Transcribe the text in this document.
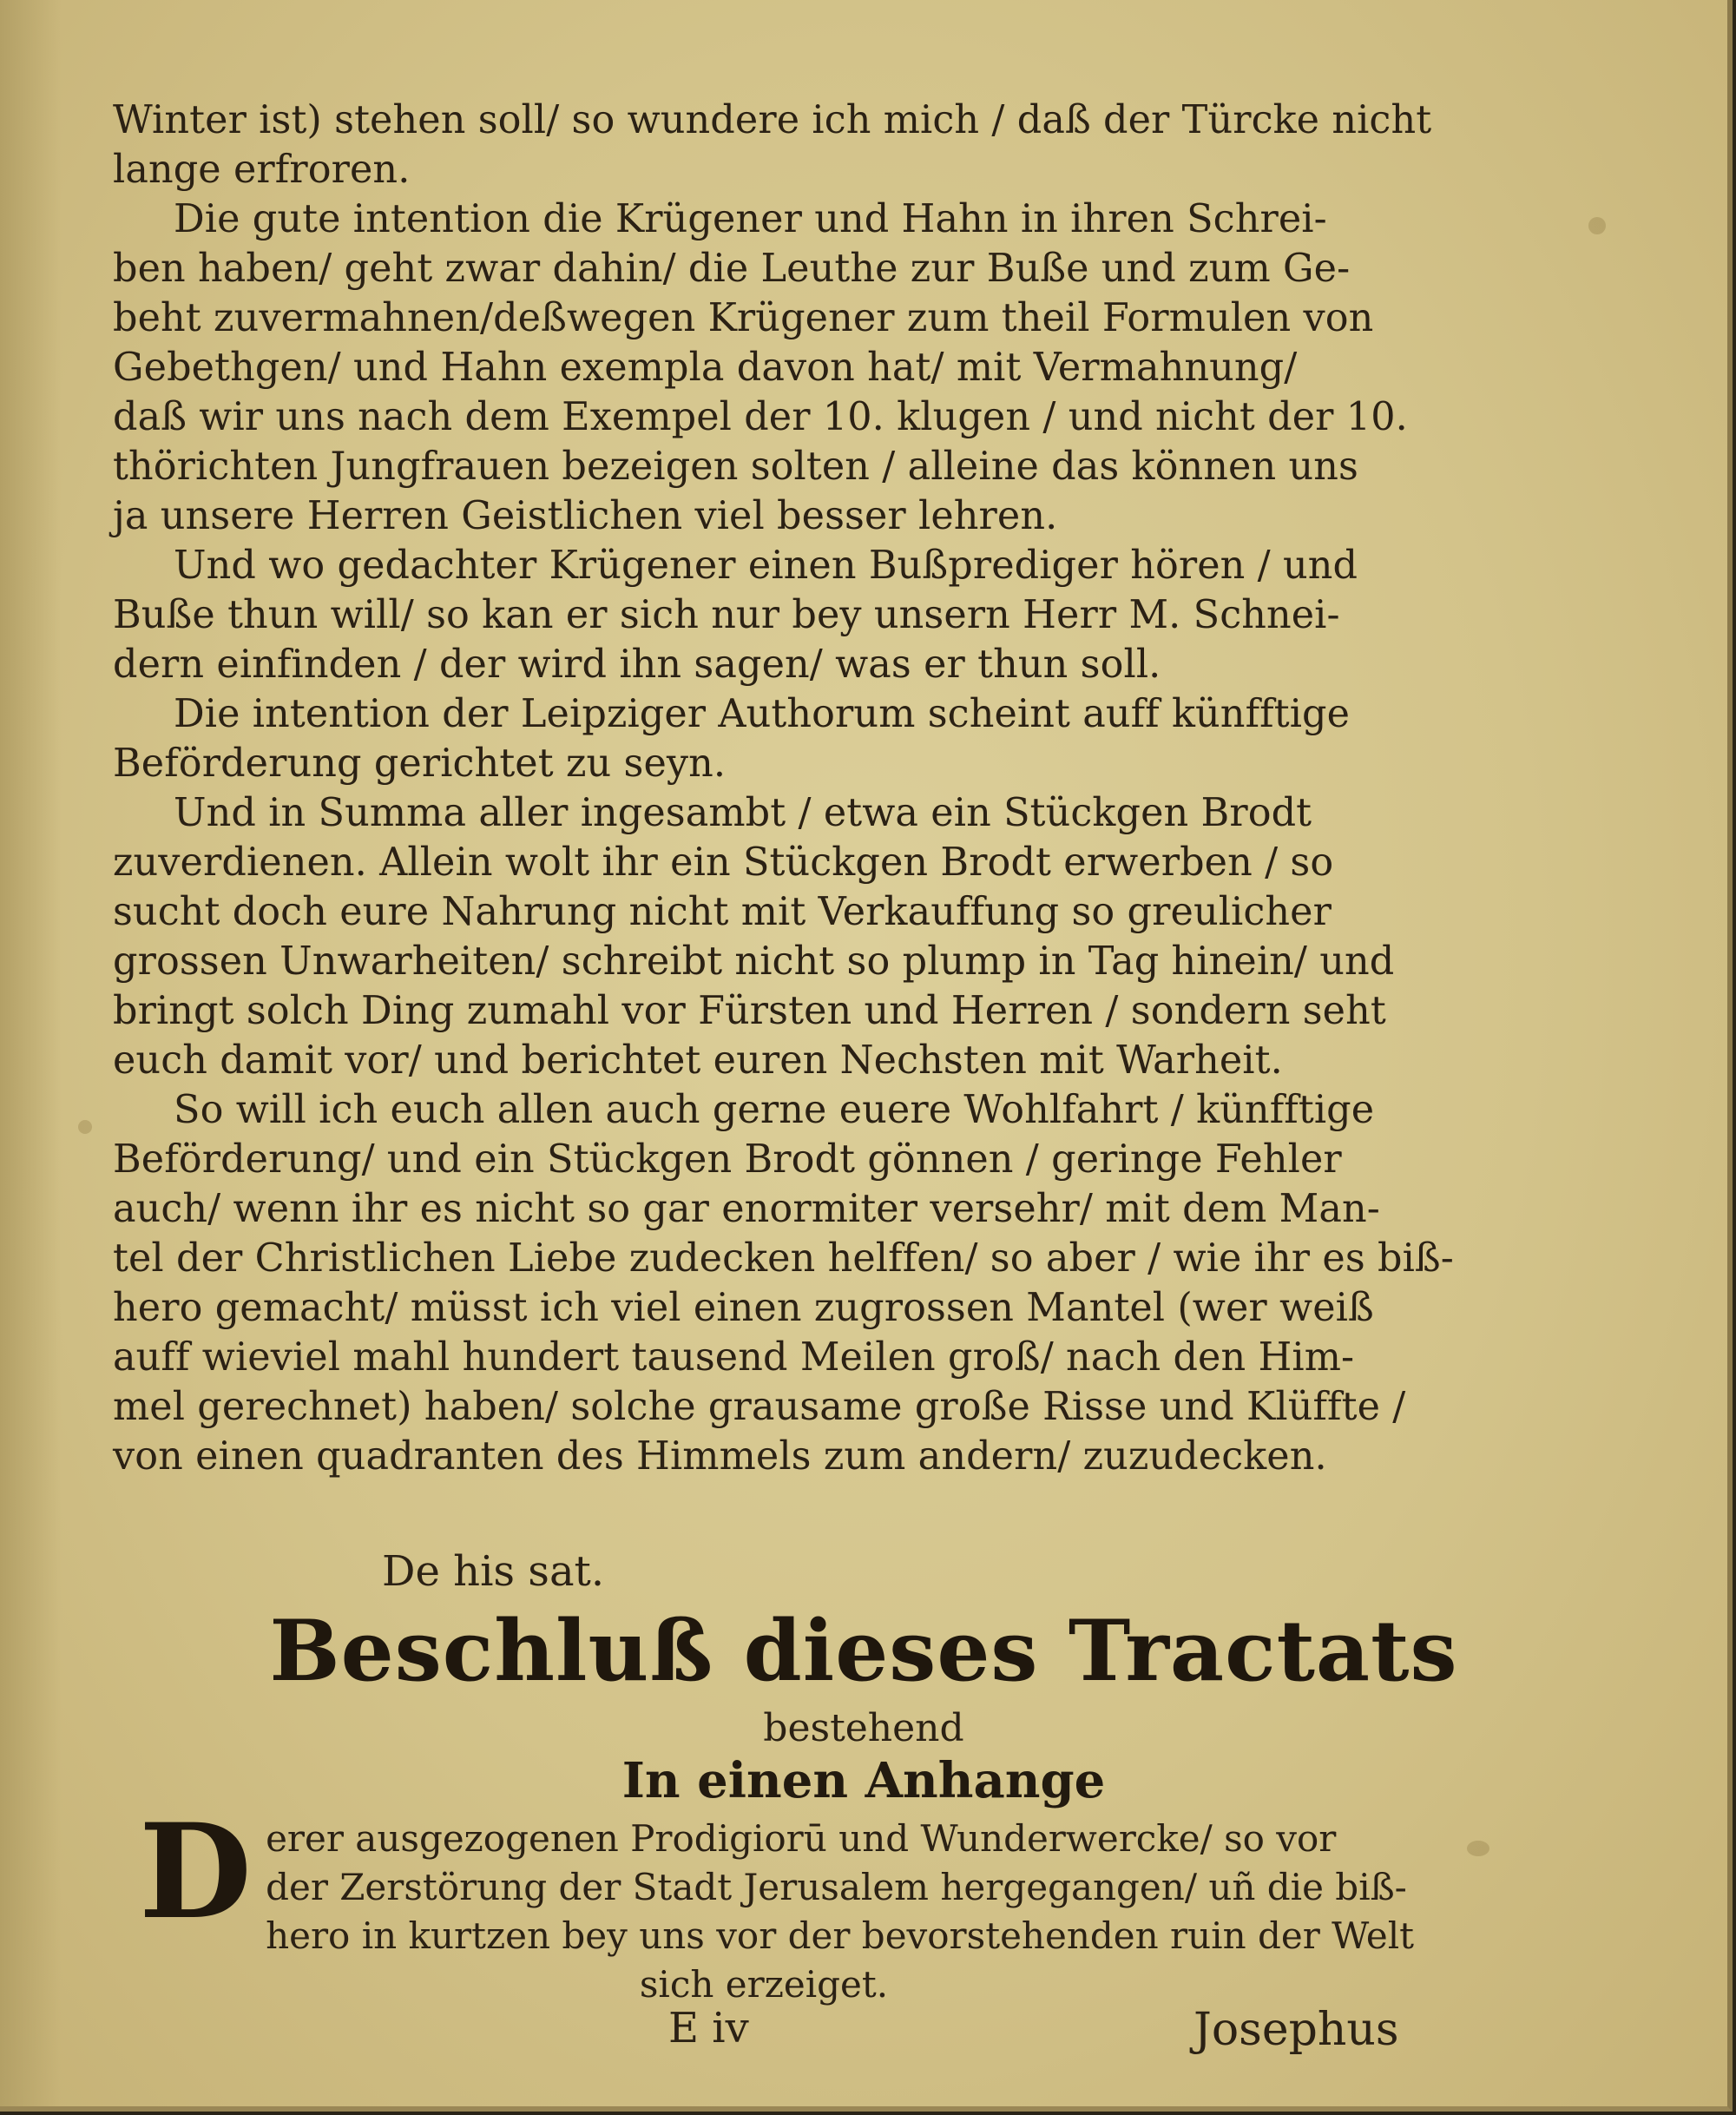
Winter ist) stehen soll/ so wundere ich mich / daß der Türcke nicht
lange erfroren.
Die gute intention die Krügener und Hahn in ihren Schrei-
ben haben/ geht zwar dahin/ die Leuthe zur Buße und zum Ge-
beht zuvermahnen/deßwegen Krügener zum theil Formulen von
Gebethgen/ und Hahn exempla davon hat/ mit Vermahnung/
daß wir uns nach dem Exempel der 10. klugen / und nicht der 10.
thörichten Jungfrauen bezeigen solten / alleine das können uns
ja unsere Herren Geistlichen viel besser lehren.
Und wo gedachter Krügener einen Bußprediger hören / und
Buße thun will/ so kan er sich nur bey unsern Herr M. Schnei-
dern einfinden / der wird ihn sagen/ was er thun soll.
Die intention der Leipziger Authorum scheint auff künfftige
Beförderung gerichtet zu seyn.
Und in Summa aller ingesambt / etwa ein Stückgen Brodt
zuverdienen. Allein wolt ihr ein Stückgen Brodt erwerben / so
sucht doch eure Nahrung nicht mit Verkauffung so greulicher
grossen Unwarheiten/ schreibt nicht so plump in Tag hinein/ und
bringt solch Ding zumahl vor Fürsten und Herren / sondern seht
euch damit vor/ und berichtet euren Nechsten mit Warheit.
So will ich euch allen auch gerne euere Wohlfahrt / künfftige
Beförderung/ und ein Stückgen Brodt gönnen / geringe Fehler
auch/ wenn ihr es nicht so gar enormiter versehr/ mit dem Man-
tel der Christlichen Liebe zudecken helffen/ so aber / wie ihr es biß-
hero gemacht/ müsst ich viel einen zugrossen Mantel (wer weiß
auff wieviel mahl hundert tausend Meilen groß/ nach den Him-
mel gerechnet) haben/ solche grausame große Risse und Klüffte /
von einen quadranten des Himmels zum andern/ zuzudecken.
De his sat.
Beschluß dieses Tractats
bestehend
In einen Anhange
D erer ausgezogenen Prodigiorū und Wunderwercke/ so vor
der Zerstörung der Stadt Jerusalem hergegangen/ uñ die biß-
hero in kurtzen bey uns vor der bevorstehenden ruin der Welt
sich erzeiget.
E iv	Josephus
